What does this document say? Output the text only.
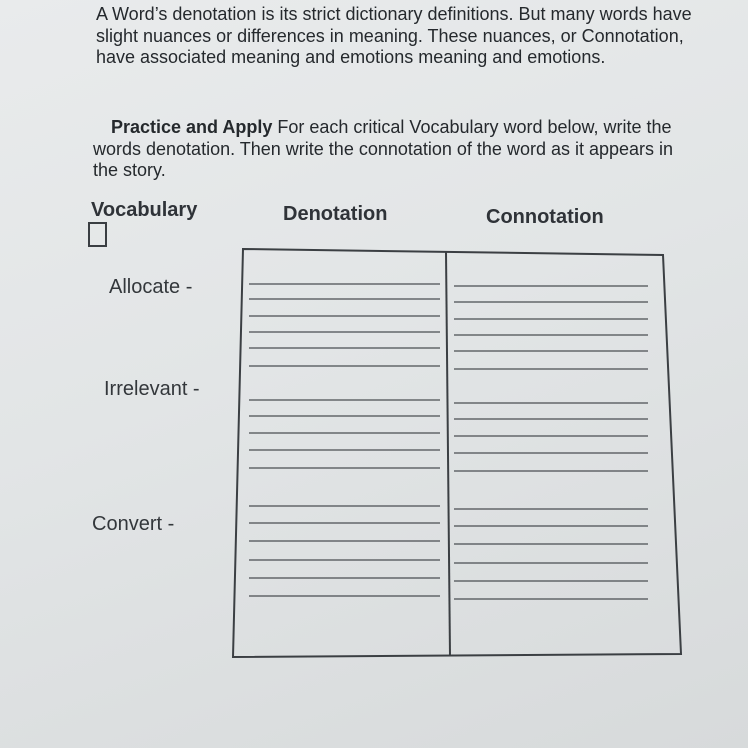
A Word’s denotation is its strict dictionary definitions. But many words have slight nuances or differences in meaning. These nuances, or Connotation, have associated meaning and emotions meaning and emotions.
Practice and Apply For each critical Vocabulary word below, write the words denotation. Then write the connotation of the word as it appears in the story.
Vocabulary	Denotation	Connotation
Allocate -
Irrelevant -
Convert -
